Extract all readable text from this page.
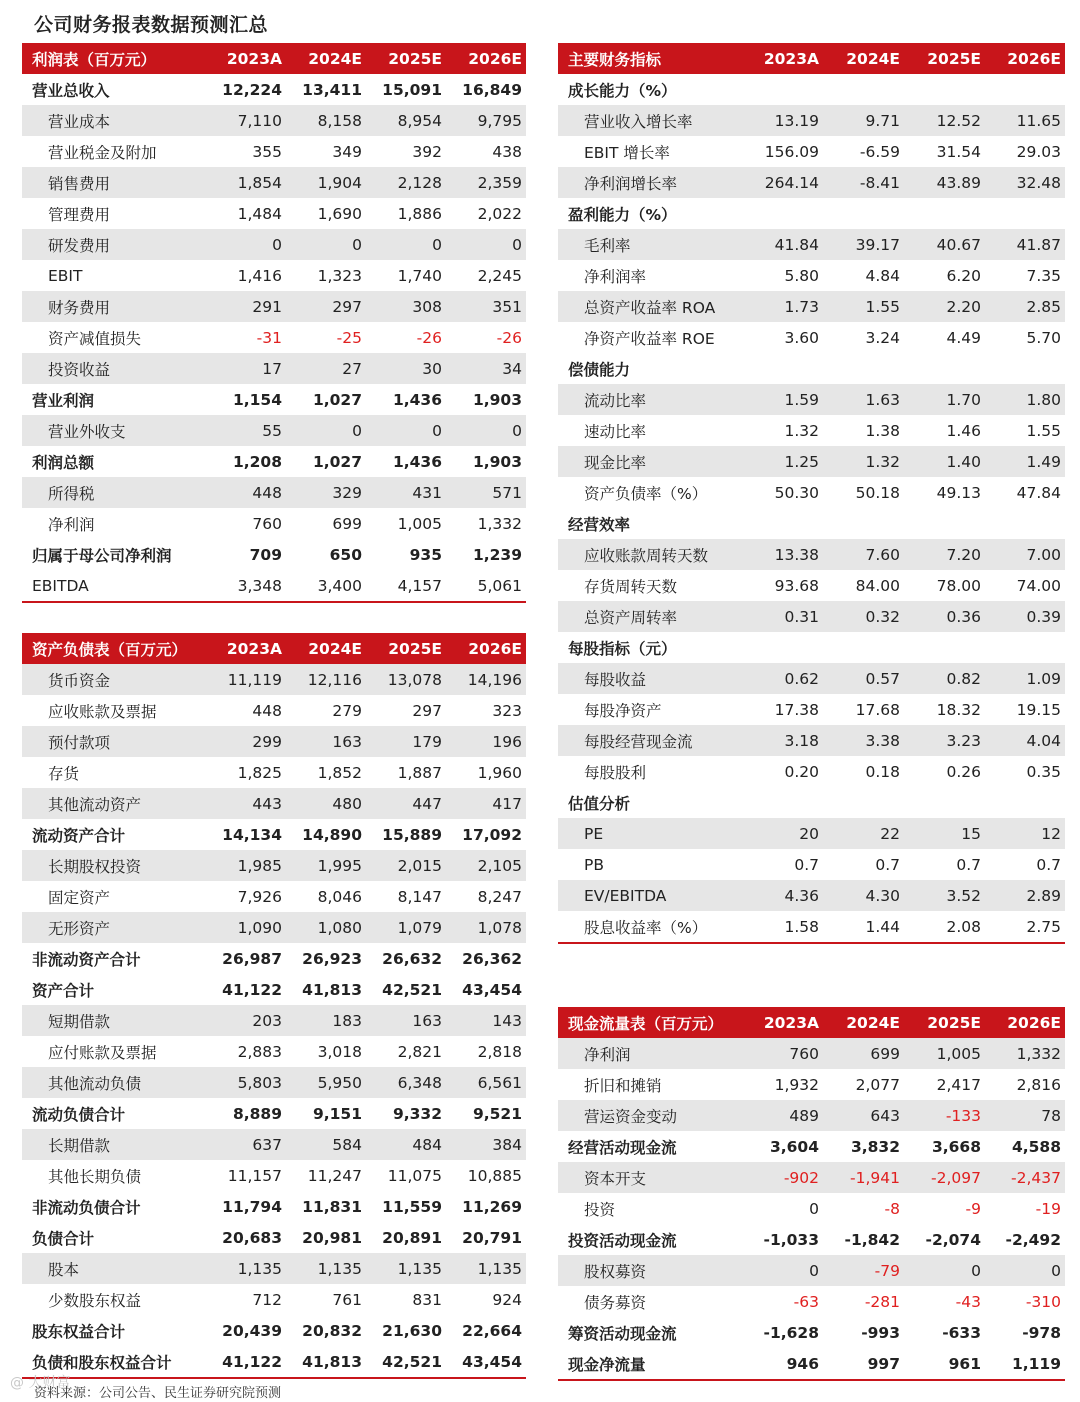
公司财务报表数据预测汇总
利润表（百万元）	2023A	2024E	2025E	2026E
营业总收入	12,224	13,411	15,091	16,849
营业成本	7,110	8,158	8,954	9,795
营业税金及附加	355	349	392	438
销售费用	1,854	1,904	2,128	2,359
管理费用	1,484	1,690	1,886	2,022
研发费用	0	0	0	0
EBIT	1,416	1,323	1,740	2,245
财务费用	291	297	308	351
资产减值损失	-31	-25	-26	-26
投资收益	17	27	30	34
营业利润	1,154	1,027	1,436	1,903
营业外收支	55	0	0	0
利润总额	1,208	1,027	1,436	1,903
所得税	448	329	431	571
净利润	760	699	1,005	1,332
归属于母公司净利润	709	650	935	1,239
EBITDA	3,348	3,400	4,157	5,061
主要财务指标	2023A	2024E	2025E	2026E
成长能力（%）				
营业收入增长率	13.19	9.71	12.52	11.65
EBIT 增长率	156.09	-6.59	31.54	29.03
净利润增长率	264.14	-8.41	43.89	32.48
盈利能力（%）				
毛利率	41.84	39.17	40.67	41.87
净利润率	5.80	4.84	6.20	7.35
总资产收益率 ROA	1.73	1.55	2.20	2.85
净资产收益率 ROE	3.60	3.24	4.49	5.70
偿债能力				
流动比率	1.59	1.63	1.70	1.80
速动比率	1.32	1.38	1.46	1.55
现金比率	1.25	1.32	1.40	1.49
资产负债率（%）	50.30	50.18	49.13	47.84
经营效率				
应收账款周转天数	13.38	7.60	7.20	7.00
存货周转天数	93.68	84.00	78.00	74.00
总资产周转率	0.31	0.32	0.36	0.39
每股指标（元）				
每股收益	0.62	0.57	0.82	1.09
每股净资产	17.38	17.68	18.32	19.15
每股经营现金流	3.18	3.38	3.23	4.04
每股股利	0.20	0.18	0.26	0.35
估值分析				
PE	20	22	15	12
PB	0.7	0.7	0.7	0.7
EV/EBITDA	4.36	4.30	3.52	2.89
股息收益率（%）	1.58	1.44	2.08	2.75
资产负债表（百万元）	2023A	2024E	2025E	2026E
货币资金	11,119	12,116	13,078	14,196
应收账款及票据	448	279	297	323
预付款项	299	163	179	196
存货	1,825	1,852	1,887	1,960
其他流动资产	443	480	447	417
流动资产合计	14,134	14,890	15,889	17,092
长期股权投资	1,985	1,995	2,015	2,105
固定资产	7,926	8,046	8,147	8,247
无形资产	1,090	1,080	1,079	1,078
非流动资产合计	26,987	26,923	26,632	26,362
资产合计	41,122	41,813	42,521	43,454
短期借款	203	183	163	143
应付账款及票据	2,883	3,018	2,821	2,818
其他流动负债	5,803	5,950	6,348	6,561
流动负债合计	8,889	9,151	9,332	9,521
长期借款	637	584	484	384
其他长期负债	11,157	11,247	11,075	10,885
非流动负债合计	11,794	11,831	11,559	11,269
负债合计	20,683	20,981	20,891	20,791
股本	1,135	1,135	1,135	1,135
少数股东权益	712	761	831	924
股东权益合计	20,439	20,832	21,630	22,664
负债和股东权益合计	41,122	41,813	42,521	43,454
现金流量表（百万元）	2023A	2024E	2025E	2026E
净利润	760	699	1,005	1,332
折旧和摊销	1,932	2,077	2,417	2,816
营运资金变动	489	643	-133	78
经营活动现金流	3,604	3,832	3,668	4,588
资本开支	-902	-1,941	-2,097	-2,437
投资	0	-8	-9	-19
投资活动现金流	-1,033	-1,842	-2,074	-2,492
股权募资	0	-79	0	0
债务募资	-63	-281	-43	-310
筹资活动现金流	-1,628	-993	-633	-978
现金净流量	946	997	961	1,119
@ 大财富
资料来源：公司公告、民生证券研究院预测
